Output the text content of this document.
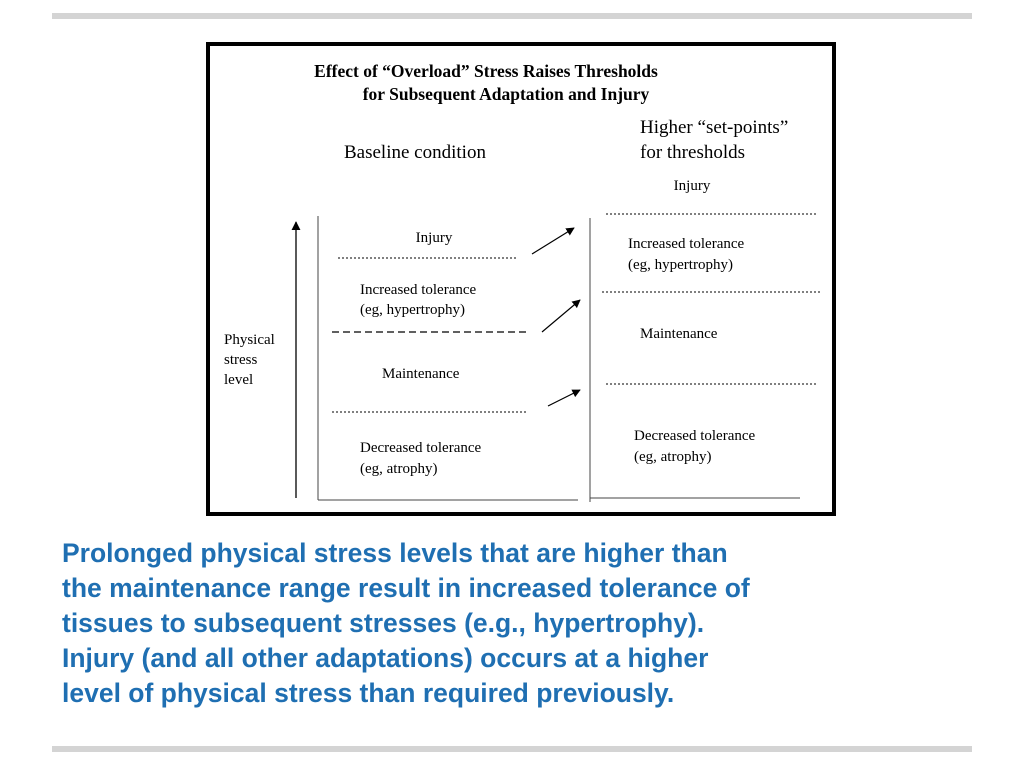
Effect of “Overload” Stress Raises Thresholds
for Subsequent Adaptation and Injury
Baseline condition
Higher “set-points”
for thresholds
Physical
stress
level
Injury
Increased tolerance
(eg, hypertrophy)
Maintenance
Decreased tolerance
(eg, atrophy)
Injury
Increased tolerance
(eg, hypertrophy)
Maintenance
Decreased tolerance
(eg, atrophy)
Prolonged physical stress levels that are higher than
the maintenance range result in increased tolerance of
tissues to subsequent stresses (e.g., hypertrophy).
Injury (and all other adaptations) occurs at a higher
level of physical stress than required previously.
